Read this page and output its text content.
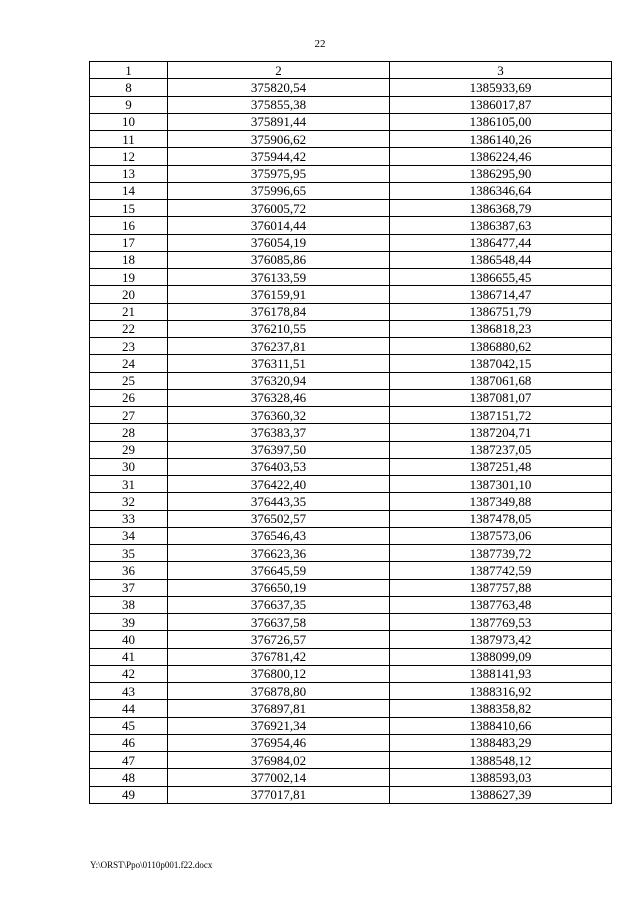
22
1	2	3
8	375820,54	1385933,69
9	375855,38	1386017,87
10	375891,44	1386105,00
11	375906,62	1386140,26
12	375944,42	1386224,46
13	375975,95	1386295,90
14	375996,65	1386346,64
15	376005,72	1386368,79
16	376014,44	1386387,63
17	376054,19	1386477,44
18	376085,86	1386548,44
19	376133,59	1386655,45
20	376159,91	1386714,47
21	376178,84	1386751,79
22	376210,55	1386818,23
23	376237,81	1386880,62
24	376311,51	1387042,15
25	376320,94	1387061,68
26	376328,46	1387081,07
27	376360,32	1387151,72
28	376383,37	1387204,71
29	376397,50	1387237,05
30	376403,53	1387251,48
31	376422,40	1387301,10
32	376443,35	1387349,88
33	376502,57	1387478,05
34	376546,43	1387573,06
35	376623,36	1387739,72
36	376645,59	1387742,59
37	376650,19	1387757,88
38	376637,35	1387763,48
39	376637,58	1387769,53
40	376726,57	1387973,42
41	376781,42	1388099,09
42	376800,12	1388141,93
43	376878,80	1388316,92
44	376897,81	1388358,82
45	376921,34	1388410,66
46	376954,46	1388483,29
47	376984,02	1388548,12
48	377002,14	1388593,03
49	377017,81	1388627,39
Y:\ORST\Ppo\0110p001.f22.docx
